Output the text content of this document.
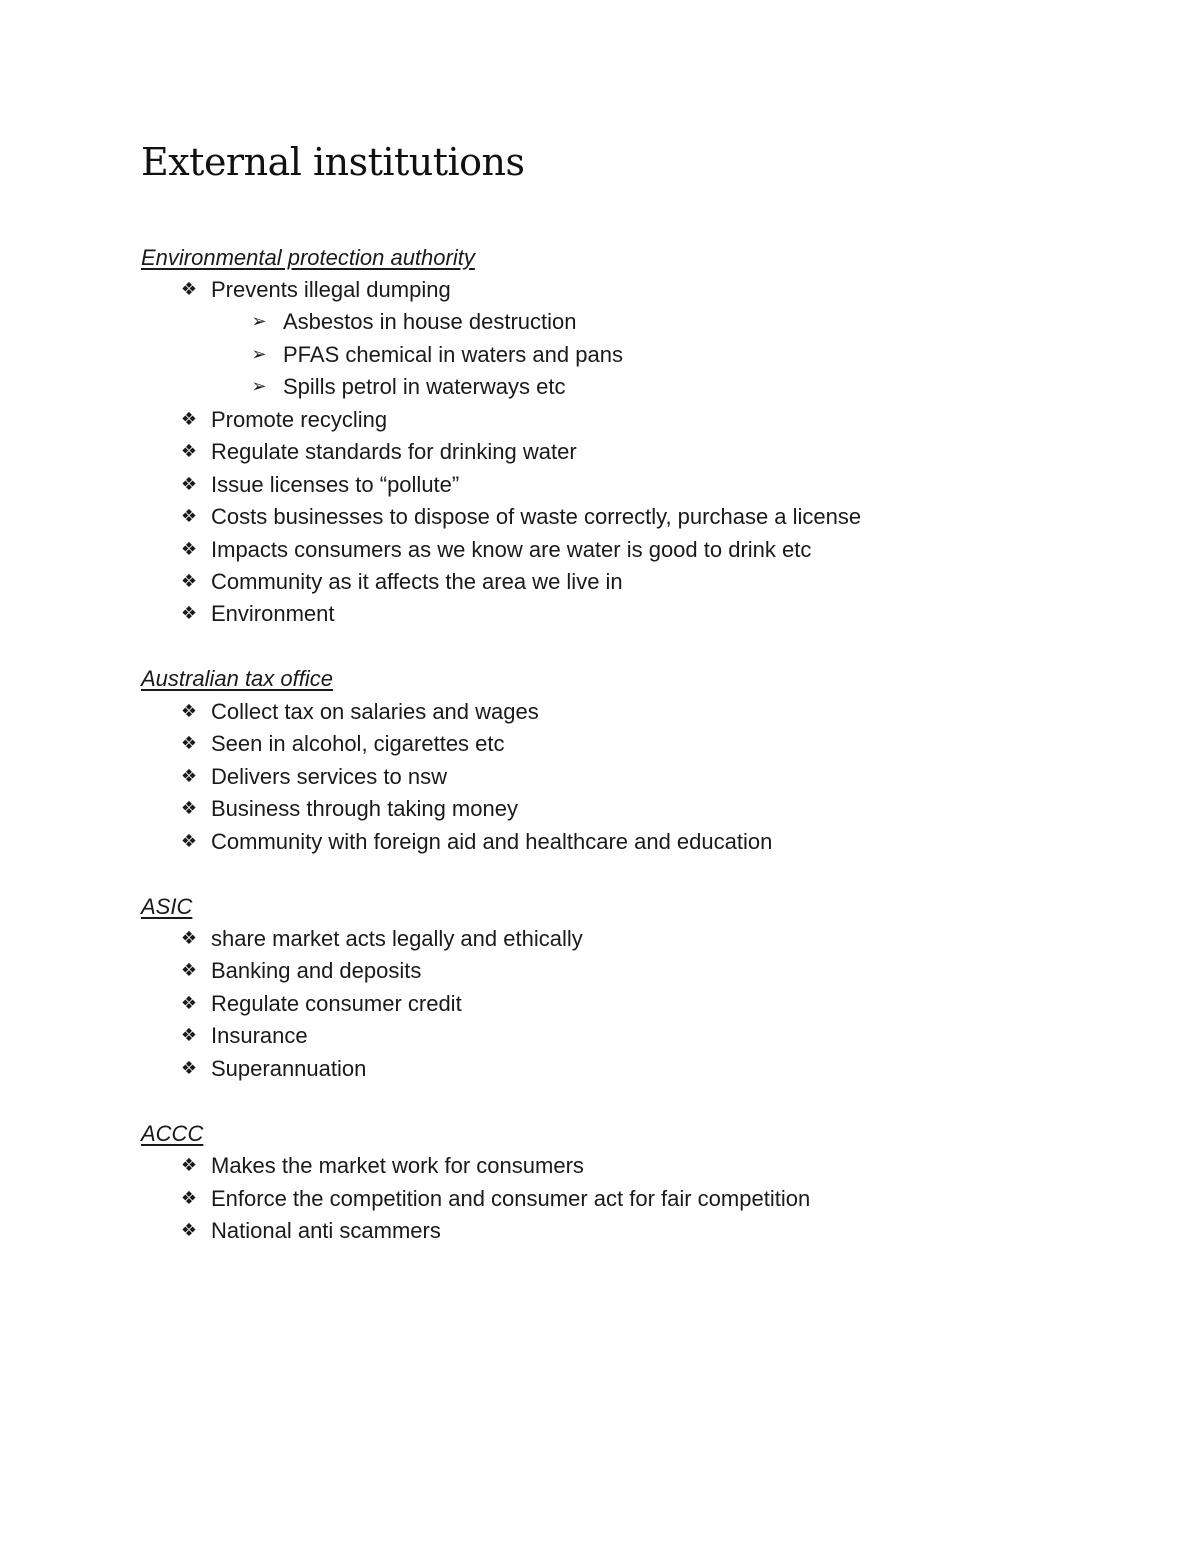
External institutions
Environmental protection authority
❖ Prevents illegal dumping
➢ Asbestos in house destruction
➢ PFAS chemical in waters and pans
➢ Spills petrol in waterways etc
❖ Promote recycling
❖ Regulate standards for drinking water
❖ Issue licenses to “pollute”
❖ Costs businesses to dispose of waste correctly, purchase a license
❖ Impacts consumers as we know are water is good to drink etc
❖ Community as it affects the area we live in
❖ Environment
Australian tax office
❖ Collect tax on salaries and wages
❖ Seen in alcohol, cigarettes etc
❖ Delivers services to nsw
❖ Business through taking money
❖ Community with foreign aid and healthcare and education
ASIC
❖ share market acts legally and ethically
❖ Banking and deposits
❖ Regulate consumer credit
❖ Insurance
❖ Superannuation
ACCC
❖ Makes the market work for consumers
❖ Enforce the competition and consumer act for fair competition
❖ National anti scammers
